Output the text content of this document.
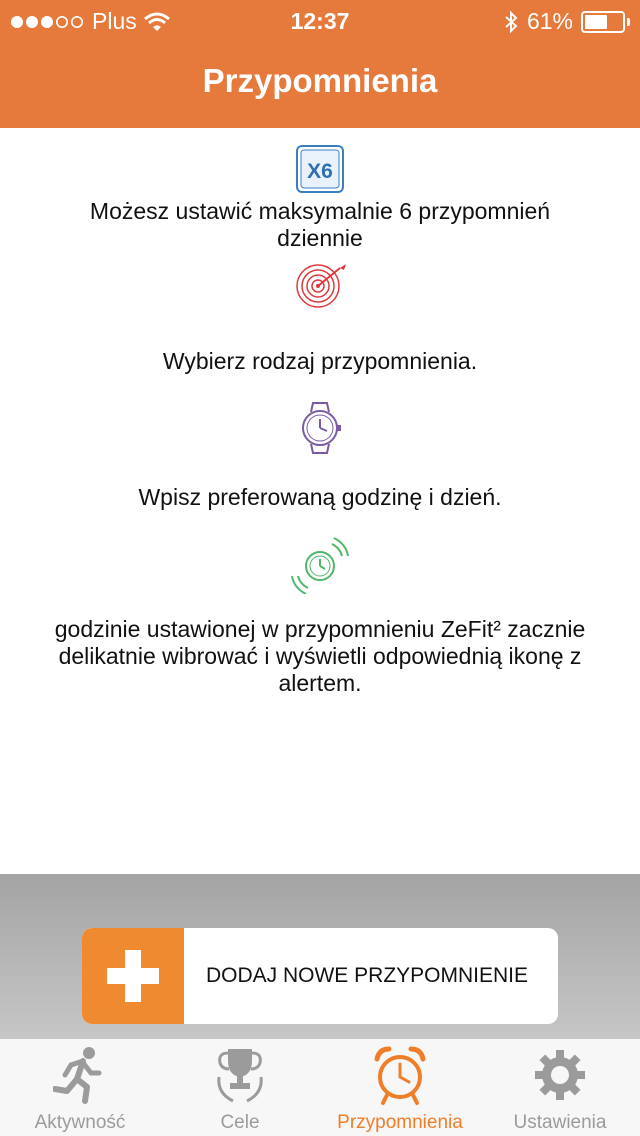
Plus	12:37	61%
Przypomnienia
X6
Możesz ustawić maksymalnie 6 przypomnień dziennie
Wybierz rodzaj przypomnienia.
Wpisz preferowaną godzinę i dzień.
godzinie ustawionej w przypomnieniu ZeFit² zacznie delikatnie wibrować i wyświetli odpowiednią ikonę z alertem.
DODAJ NOWE PRZYPOMNIENIE
Aktywność	Cele	Przypomnienia	Ustawienia
